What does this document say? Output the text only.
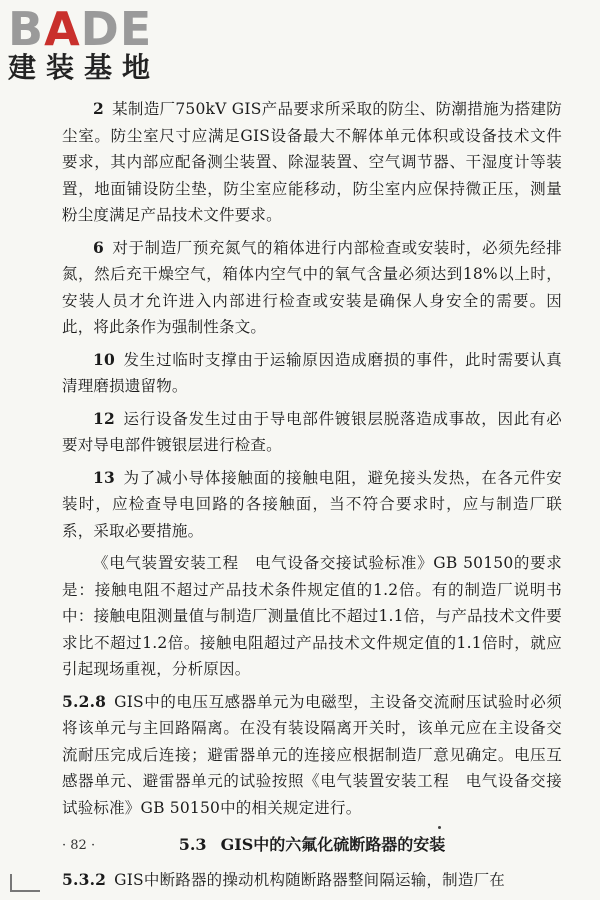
BADE
建装基地

2 某制造厂750kV GIS产品要求所采取的防尘、防潮措施为搭建防尘室。防尘室尺寸应满足GIS设备最大不解体单元体积或设备技术文件要求，其内部应配备测尘装置、除湿装置、空气调节器、干湿度计等装置，地面铺设防尘垫，防尘室应能移动，防尘室内应保持微正压，测量粉尘度满足产品技术文件要求。

6 对于制造厂预充氮气的箱体进行内部检查或安装时，必须先经排氮，然后充干燥空气，箱体内空气中的氧气含量必须达到18%以上时，安装人员才允许进入内部进行检查或安装是确保人身安全的需要。因此，将此条作为强制性条文。

10 发生过临时支撑由于运输原因造成磨损的事件，此时需要认真清理磨损遗留物。

12 运行设备发生过由于导电部件镀银层脱落造成事故，因此有必要对导电部件镀银层进行检查。

13 为了减小导体接触面的接触电阻，避免接头发热，在各元件安装时，应检查导电回路的各接触面，当不符合要求时，应与制造厂联系，采取必要措施。

《电气装置安装工程　电气设备交接试验标准》GB 50150的要求是：接触电阻不超过产品技术条件规定值的1.2倍。有的制造厂说明书中：接触电阻测量值与制造厂测量值比不超过1.1倍，与产品技术文件要求比不超过1.2倍。接触电阻超过产品技术文件规定值的1.1倍时，就应引起现场重视，分析原因。

5.2.8 GIS中的电压互感器单元为电磁型，主设备交流耐压试验时必须将该单元与主回路隔离。在没有装设隔离开关时，该单元应在主设备交流耐压完成后连接；避雷器单元的连接应根据制造厂意见确定。电压互感器单元、避雷器单元的试验按照《电气装置安装工程　电气设备交接试验标准》GB 50150中的相关规定进行。

5.3 GIS中的六氟化硫断路器的安装

5.3.2 GIS中断路器的操动机构随断路器整间隔运输，制造厂在

· 82 ·
